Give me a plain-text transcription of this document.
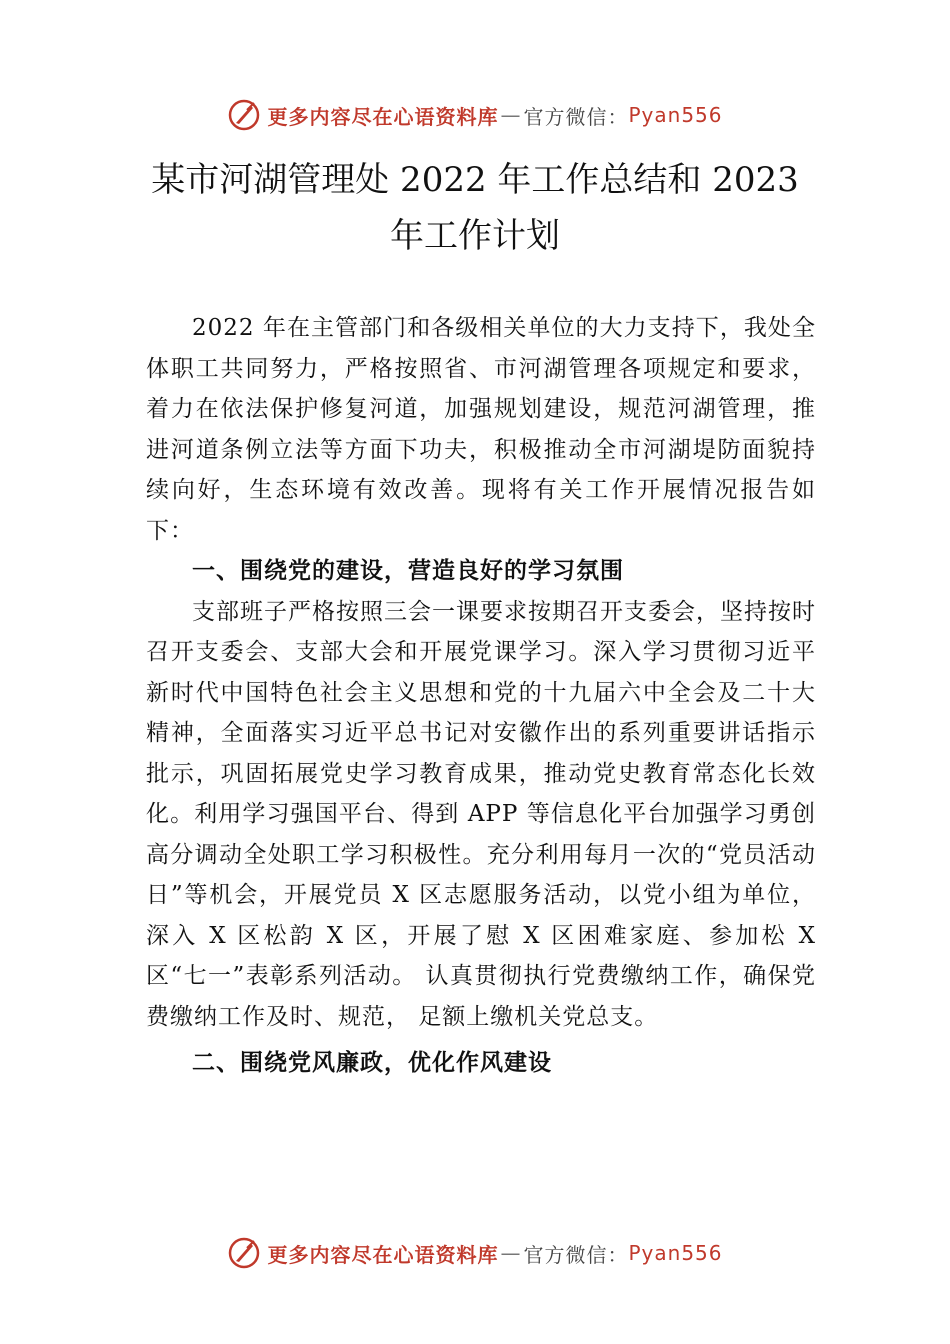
更多内容尽在心语资料库 — 官方微信： Pyan556
某市河湖管理处 2022 年工作总结和 2023 年工作计划

2022 年在主管部门和各级相关单位的大力支持下，我处全体职工共同努力，严格按照省、市河湖管理各项规定和要求，着力在依法保护修复河道，加强规划建设，规范河湖管理，推进河道条例立法等方面下功夫，积极推动全市河湖堤防面貌持续向好，生态环境有效改善。现将有关工作开展情况报告如下：

一、围绕党的建设，营造良好的学习氛围

支部班子严格按照三会一课要求按期召开支委会，坚持按时召开支委会、支部大会和开展党课学习。深入学习贯彻习近平新时代中国特色社会主义思想和党的十九届六中全会及二十大精神，全面落实习近平总书记对安徽作出的系列重要讲话指示批示，巩固拓展党史学习教育成果，推动党史教育常态化长效化。利用学习强国平台、得到 APP 等信息化平台加强学习勇创高分调动全处职工学习积极性。充分利用每月一次的“党员活动日”等机会，开展党员 X 区志愿服务活动，以党小组为单位，深入 X 区松韵 X 区，开展了慰 X 区困难家庭、参加松 X 区“七一”表彰系列活动。 认真贯彻执行党费缴纳工作，确保党费缴纳工作及时、规范， 足额上缴机关党总支。

二、围绕党风廉政，优化作风建设
更多内容尽在心语资料库 — 官方微信： Pyan556
